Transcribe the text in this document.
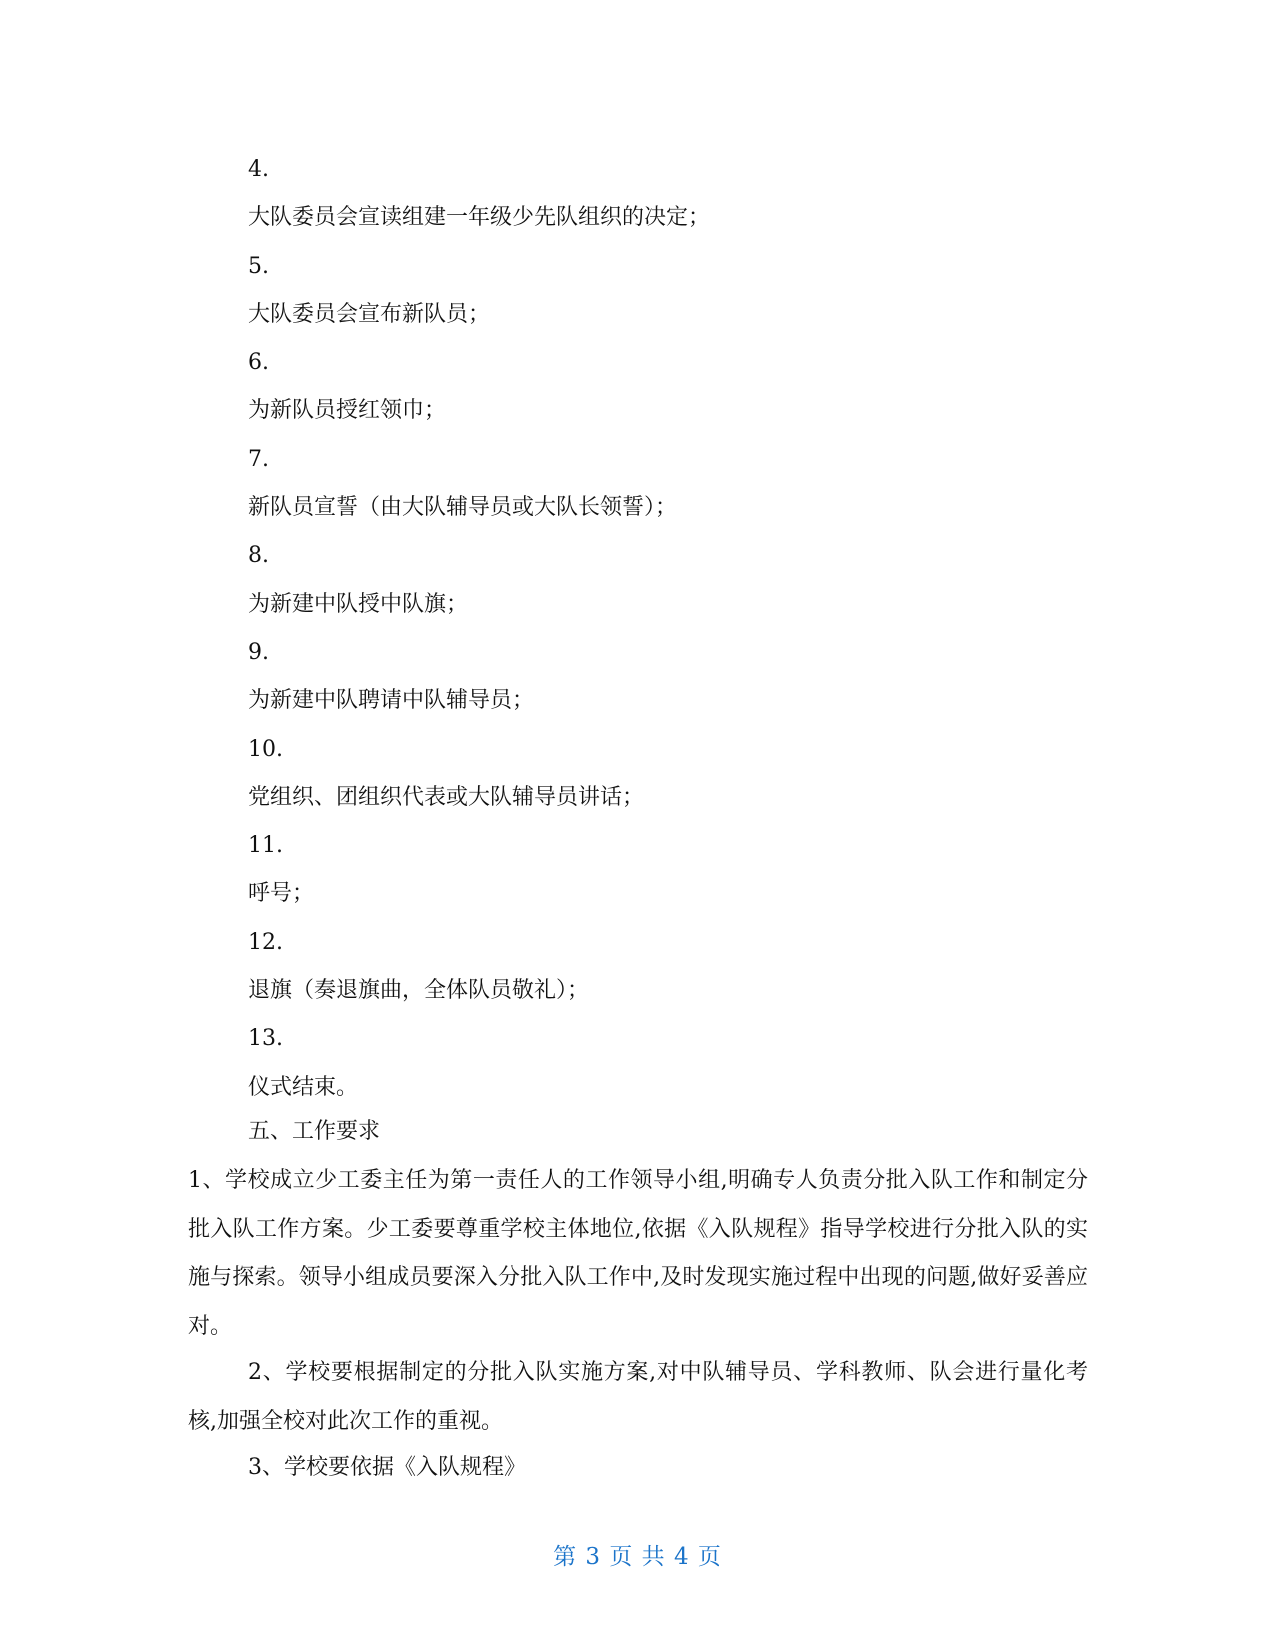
4.
大队委员会宣读组建一年级少先队组织的决定；
5.
大队委员会宣布新队员；
6.
为新队员授红领巾；
7.
新队员宣誓（由大队辅导员或大队长领誓）；
8.
为新建中队授中队旗；
9.
为新建中队聘请中队辅导员；
10.
党组织、团组织代表或大队辅导员讲话；
11.
呼号；
12.
退旗（奏退旗曲，全体队员敬礼）；
13.
仪式结束。
五、工作要求

1、学校成立少工委主任为第一责任人的工作领导小组,明确专人负责分批入队工作和制定分批入队工作方案。少工委要尊重学校主体地位,依据《入队规程》指导学校进行分批入队的实施与探索。领导小组成员要深入分批入队工作中,及时发现实施过程中出现的问题,做好妥善应对。

2、学校要根据制定的分批入队实施方案,对中队辅导员、学科教师、队会进行量化考核,加强全校对此次工作的重视。

3、学校要依据《入队规程》

第 3 页 共 4 页
